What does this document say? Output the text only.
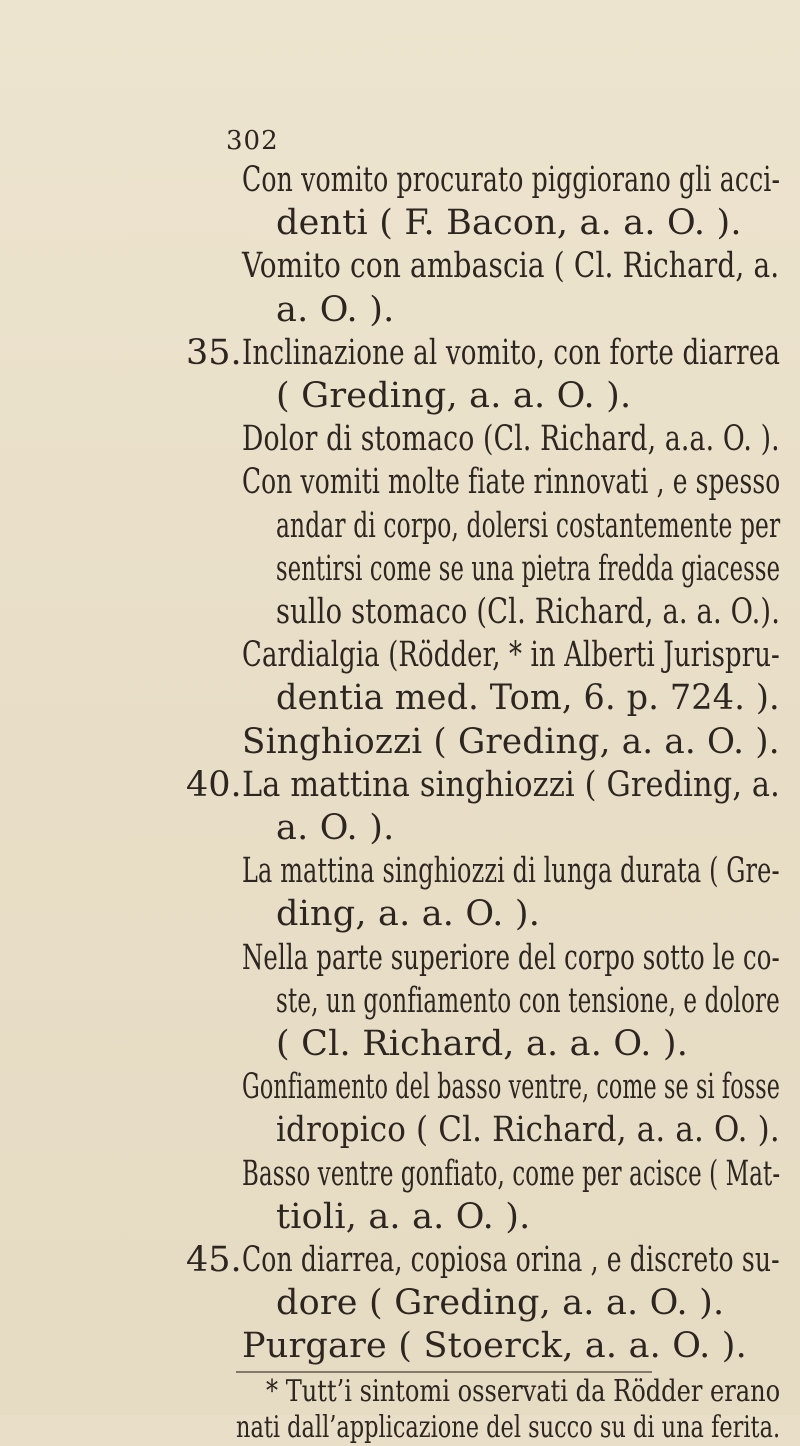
302
Con vomito procurato piggiorano gli acci-
denti ( F. Bacon, a. a. O. ).
Vomito con ambascia ( Cl. Richard, a.
a. O. ).
35. Inclinazione al vomito, con forte diarrea
( Greding, a. a. O. ).
Dolor di stomaco (Cl. Richard, a.a. O. ).
Con vomiti molte fiate rinnovati , e spesso
andar di corpo, dolersi costantemente per
sentirsi come se una pietra fredda giacesse
sullo stomaco (Cl. Richard, a. a. O.).
Cardialgia (Rödder, * in Alberti Jurispru-
dentia med. Tom, 6. p. 724. ).
Singhiozzi ( Greding, a. a. O. ).
40. La mattina singhiozzi ( Greding, a.
a. O. ).
La mattina singhiozzi di lunga durata ( Gre-
ding, a. a. O. ).
Nella parte superiore del corpo sotto le co-
ste, un gonfiamento con tensione, e dolore
( Cl. Richard, a. a. O. ).
Gonfiamento del basso ventre, come se si fosse
idropico ( Cl. Richard, a. a. O. ).
Basso ventre gonfiato, come per acisce ( Mat-
tioli, a. a. O. ).
45. Con diarrea, copiosa orina , e discreto su-
dore ( Greding, a. a. O. ).
Purgare ( Stoerck, a. a. O. ).
* Tutt’i sintomi osservati da Rödder erano
nati dall’applicazione del succo su di una ferita.
